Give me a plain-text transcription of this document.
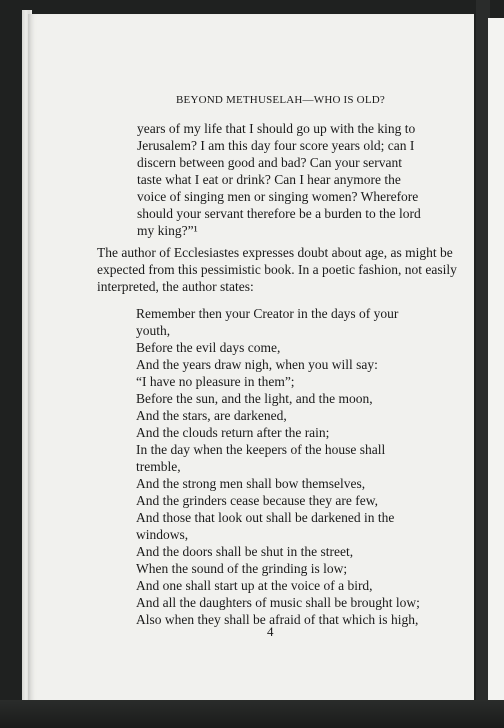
BEYOND METHUSELAH—WHO IS OLD?
years of my life that I should go up with the king to
Jerusalem? I am this day four score years old; can I
discern between good and bad? Can your servant
taste what I eat or drink? Can I hear anymore the
voice of singing men or singing women? Wherefore
should your servant therefore be a burden to the lord
my king?”¹
The author of Ecclesiastes expresses doubt about age, as might be
expected from this pessimistic book. In a poetic fashion, not easily
interpreted, the author states:
Remember then your Creator in the days of your
youth,
Before the evil days come,
And the years draw nigh, when you will say:
“I have no pleasure in them”;
Before the sun, and the light, and the moon,
And the stars, are darkened,
And the clouds return after the rain;
In the day when the keepers of the house shall
tremble,
And the strong men shall bow themselves,
And the grinders cease because they are few,
And those that look out shall be darkened in the
windows,
And the doors shall be shut in the street,
When the sound of the grinding is low;
And one shall start up at the voice of a bird,
And all the daughters of music shall be brought low;
Also when they shall be afraid of that which is high,
4
